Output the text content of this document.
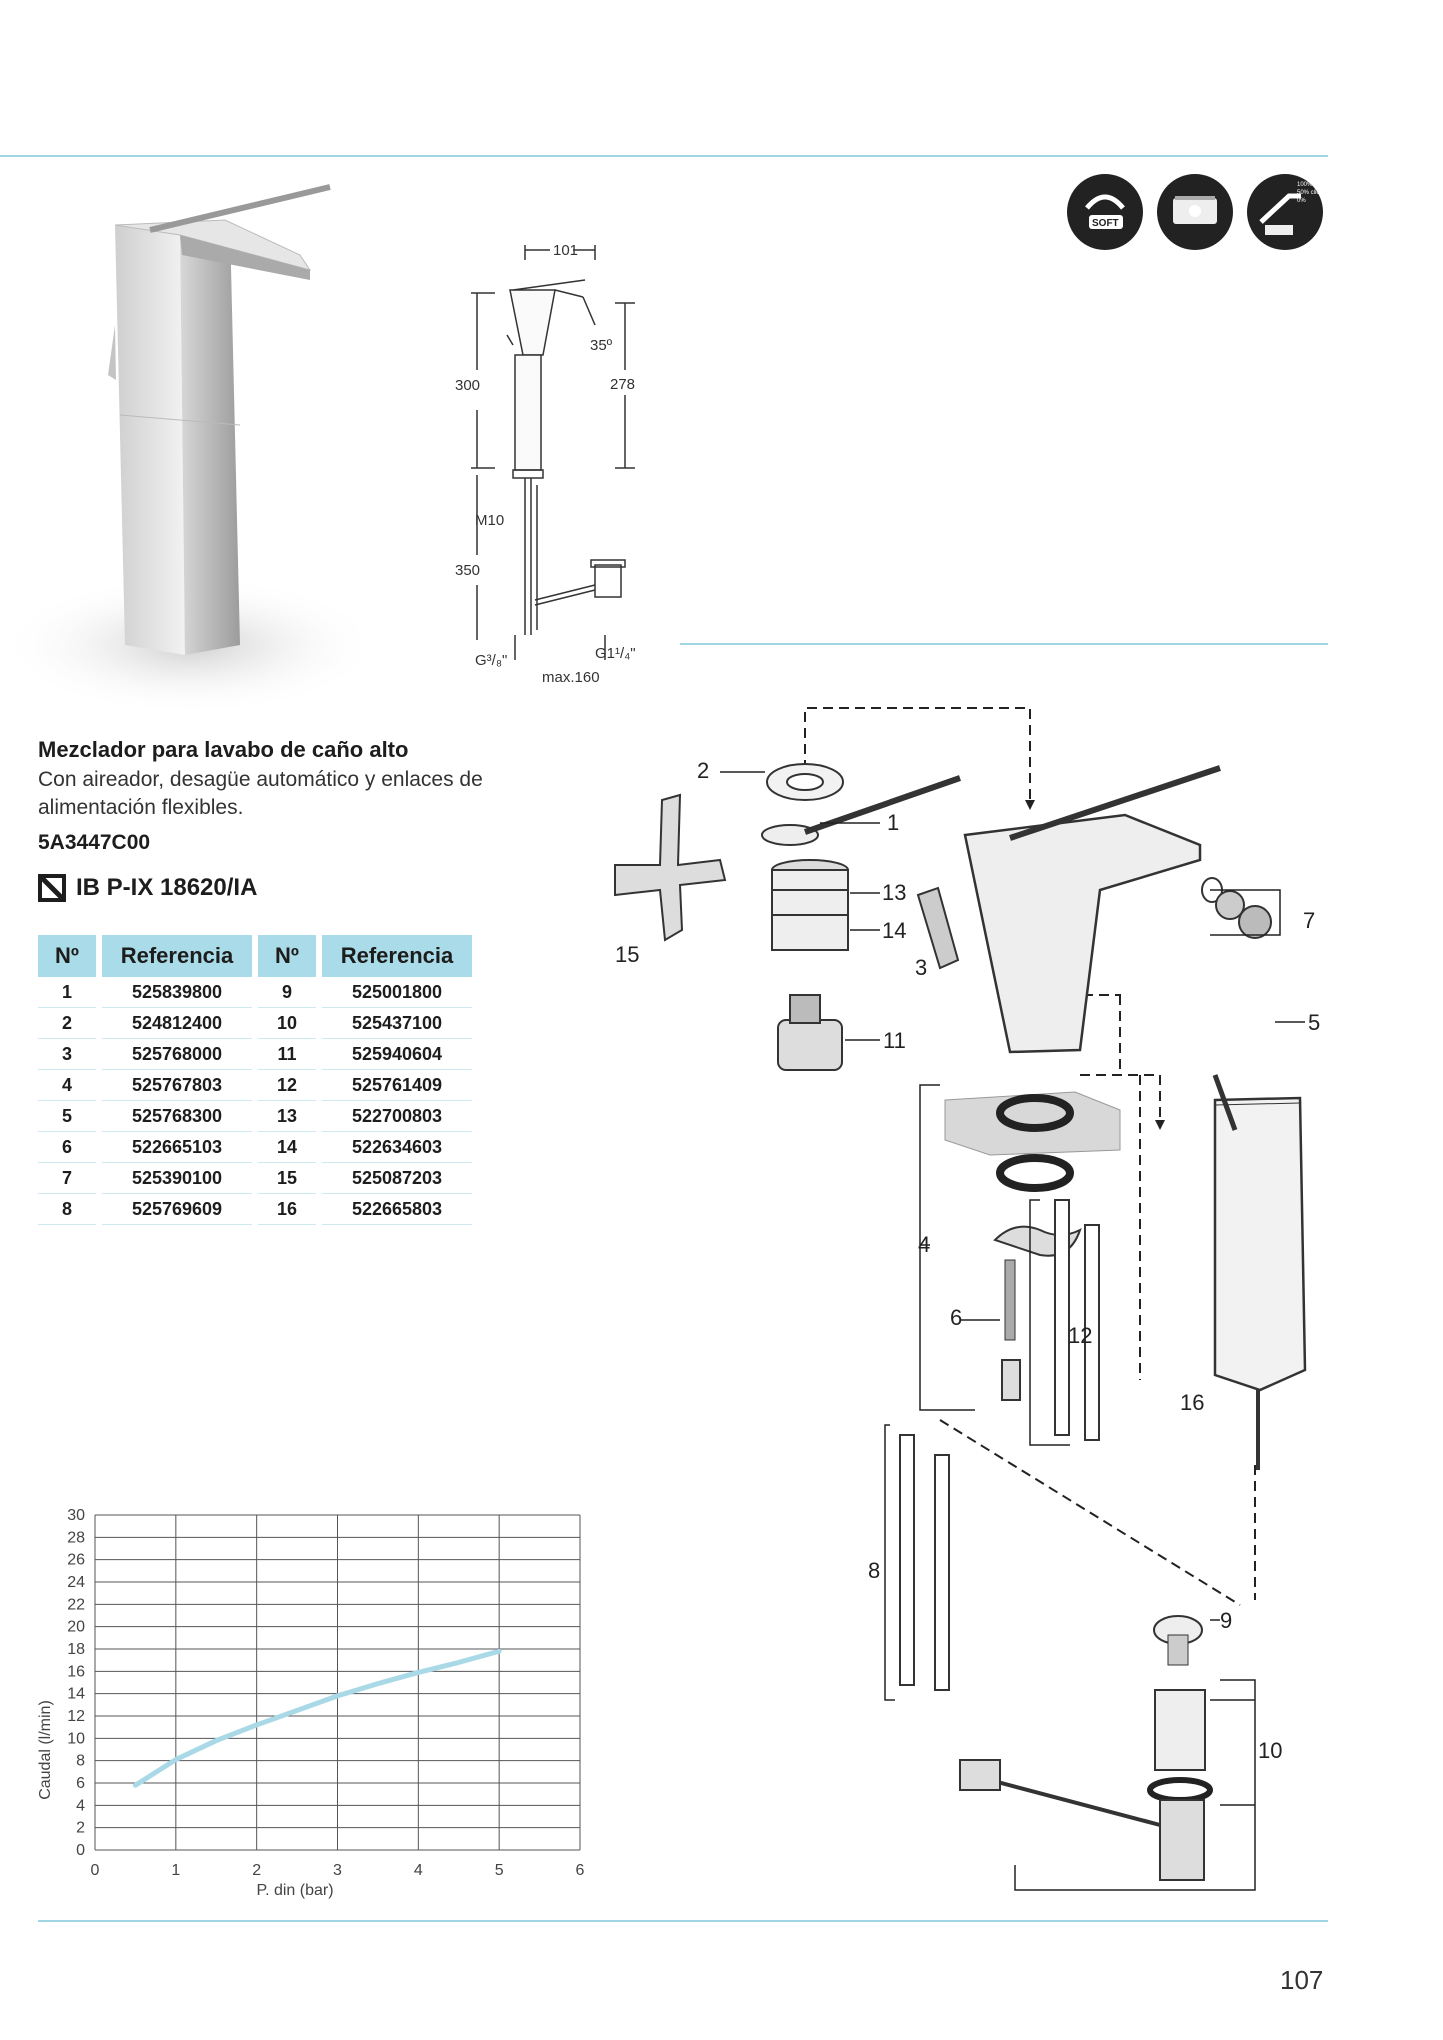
101
35º
300	278
M10
350
G³/₈"	G1¹/₄"
max.160
SOFT
100%
50% click
0%
Mezclador para lavabo de caño alto
Con aireador, desagüe automático y enlaces de alimentación flexibles.
5A3447C00
IB P-IX 18620/IA
Nº		Referencia		Nº		Referencia
1		525839800		9		525001800
2		524812400		10		525437100
3		525768000		11		525940604
4		525767803		12		525761409
5		525768300		13		522700803
6		522665103		14		522634603
7		525390100		15		525087203
8		525769609		16		522665803
0
2
4
6
8
10
12
14
16
18
20
22
24
26
28
30
0	1	2	3	4	5	6
P. din (bar)
Caudal (l/min)
2
1
13
14
15
3
11
7
5
4
6
12
16
8
9
10
107
